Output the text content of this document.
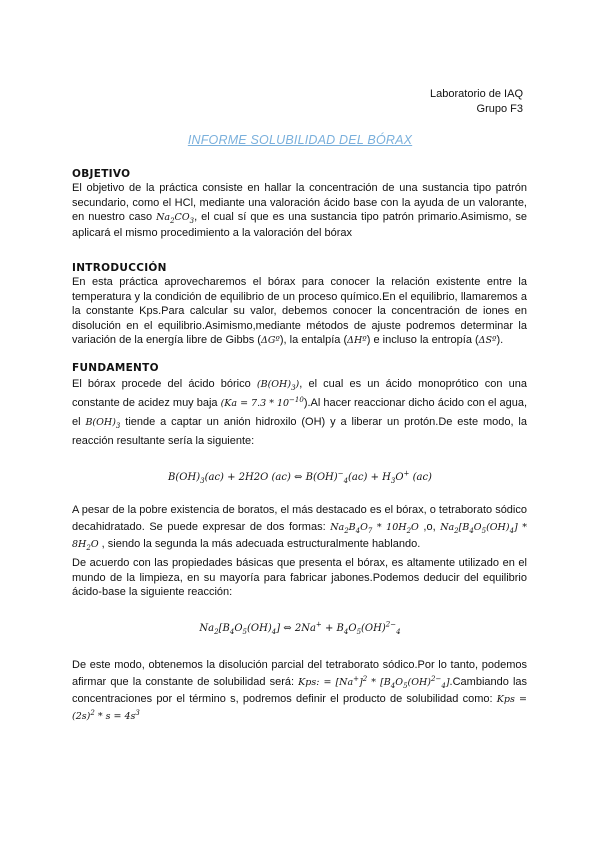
Laboratorio de IAQ
Grupo F3
INFORME SOLUBILIDAD DEL BÓRAX
OBJETIVO

El objetivo de la práctica consiste en hallar la concentración de una sustancia tipo patrón secundario, como el HCl, mediante una valoración ácido base con la ayuda de un valorante, en nuestro caso $Na_2CO_3$, el cual sí que es una sustancia tipo patrón primario.Asimismo, se aplicará el mismo procedimiento a la valoración del bórax

INTRODUCCIÓN

En esta práctica aprovecharemos el bórax para conocer la relación existente entre la temperatura y la condición de equilibrio de un proceso químico.En el equilibrio, llamaremos a la constante Kps.Para calcular su valor, debemos conocer la concentración de iones en disolución en el equilibrio.Asimismo,mediante métodos de ajuste podremos determinar la variación de la energía libre de Gibbs (ΔGº), la entalpía (ΔHº) e incluso la entropía (ΔSº).

FUNDAMENTO

El bórax procede del ácido bórico $(B(OH)_3)$, el cual es un ácido monoprótico con una constante de acidez muy baja $(Ka = 7.3 * 10^{-10}).Al$ hacer reaccionar dicho ácido con el agua, el $B(OH)_3$ tiende a captar un anión hidroxilo (OH) y a liberar un protón.De este modo, la reacción resultante sería la siguiente:

$B(OH)_3(ac) + 2H2O$ (ac) ⇔ $B(OH)^-_4(ac) + H_3O^+$ (ac)

A pesar de la pobre existencia de boratos, el más destacado es el bórax, o tetraborato sódico decahidratado. Se puede expresar de dos formas: $Na_2B_4O_7 * 10H_2O$ ,o, $Na_2[B_4O_5(OH)_4] * 8H_2O$ , siendo la segunda la más adecuada estructuralmente hablando.

De acuerdo con las propiedades básicas que presenta el bórax, es altamente utilizado en el mundo de la limpieza, en su mayoría para fabricar jabones.Podemos deducir del equilibrio ácido-base la siguiente reacción:

$Na_2[B_4O_5(OH)_4]$ ⇔ $2Na^+ + B_4O_5(OH)^{2-}_4$

De este modo, obtenemos la disolución parcial del tetraborato sódico.Por lo tanto, podemos afirmar que la constante de solubilidad será: Kps: = $[Na^+]^2$ * $[B_4O_5(OH)^{2-}_4].Cambiando$ las concentraciones por el término s, podremos definir el producto de solubilidad como: Kps = $(2s)^2 * s = 4s^3$
